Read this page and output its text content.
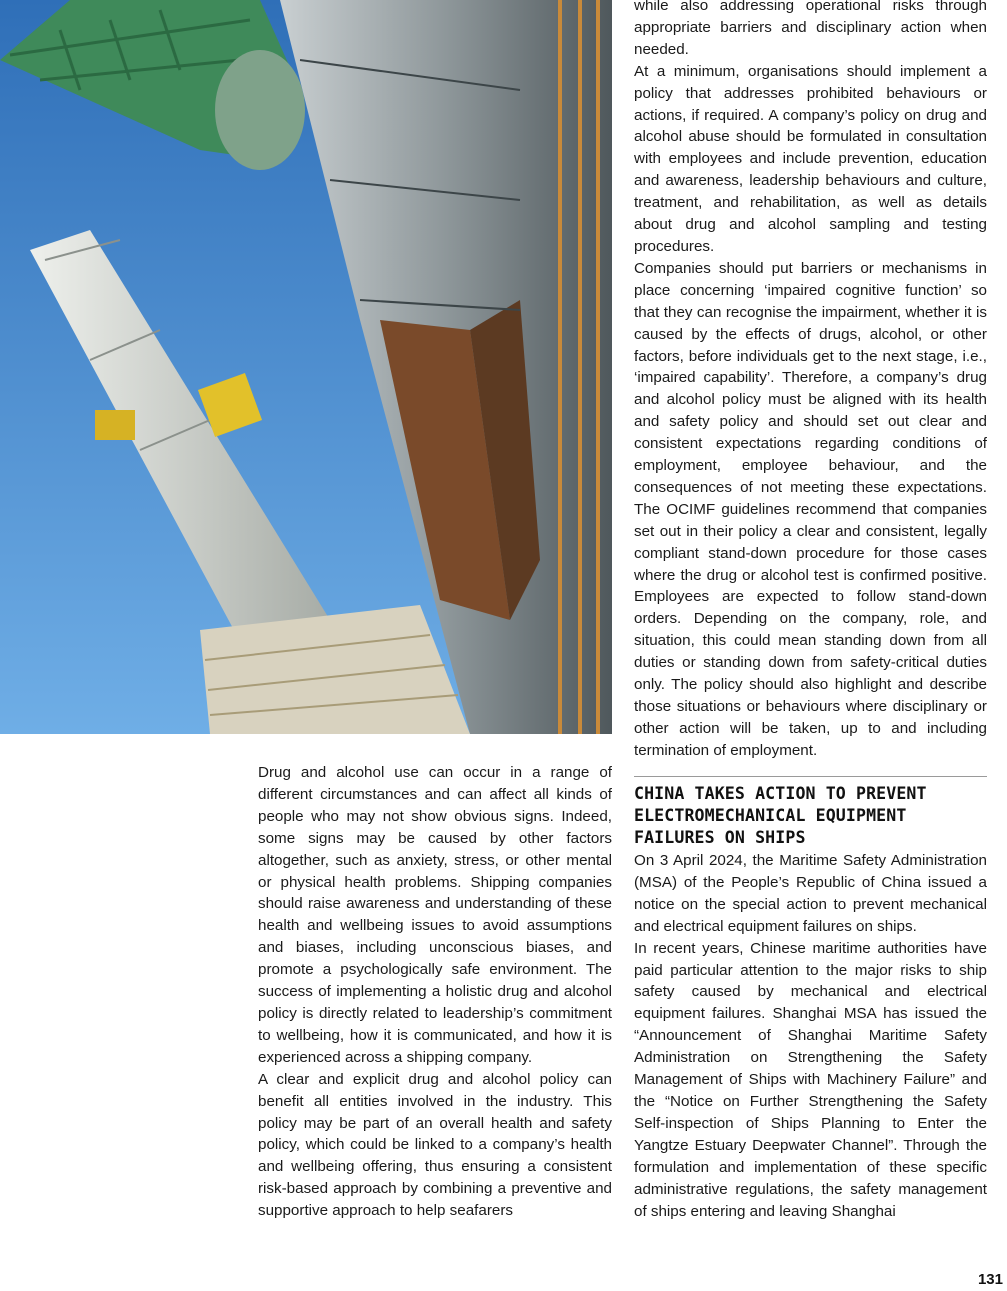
Drug and alcohol use can occur in a range of different circumstances and can affect all kinds of people who may not show obvious signs. Indeed, some signs may be caused by other factors altogether, such as anxiety, stress, or other mental or physical health problems. Shipping companies should raise awareness and understanding of these health and wellbeing issues to avoid assumptions and biases, including unconscious biases, and promote a psychologically safe environment. The success of implementing a holistic drug and alcohol policy is directly related to leadership’s commitment to wellbeing, how it is communicated, and how it is experienced across a shipping company.

A clear and explicit drug and alcohol policy can benefit all entities involved in the industry. This policy may be part of an overall health and safety policy, which could be linked to a company’s health and wellbeing offering, thus ensuring a consistent risk-based approach by combining a preventive and supportive approach to help seafarers

while also addressing operational risks through appropriate barriers and disciplinary action when needed.

At a minimum, organisations should implement a policy that addresses prohibited behaviours or actions, if required. A company’s policy on drug and alcohol abuse should be formulated in consultation with employees and include prevention, education and awareness, leadership behaviours and culture, treatment, and rehabilitation, as well as details about drug and alcohol sampling and testing procedures.

Companies should put barriers or mechanisms in place concerning ‘impaired cognitive function’ so that they can recognise the impairment, whether it is caused by the effects of drugs, alcohol, or other factors, before individuals get to the next stage, i.e., ‘impaired capability’. Therefore, a company’s drug and alcohol policy must be aligned with its health and safety policy and should set out clear and consistent expectations regarding conditions of employment, employee behaviour, and the consequences of not meeting these expectations. The OCIMF guidelines recommend that companies set out in their policy a clear and consistent, legally compliant stand-down procedure for those cases where the drug or alcohol test is confirmed positive. Employees are expected to follow stand-down orders. Depending on the company, role, and situation, this could mean standing down from all duties or standing down from safety-critical duties only. The policy should also highlight and describe those situations or behaviours where disciplinary or other action will be taken, up to and including termination of employment.

CHINA TAKES ACTION TO PREVENT ELECTROMECHANICAL EQUIPMENT FAILURES ON SHIPS

On 3 April 2024, the Maritime Safety Administration (MSA) of the People’s Republic of China issued a notice on the special action to prevent mechanical and electrical equipment failures on ships.

In recent years, Chinese maritime authorities have paid particular attention to the major risks to ship safety caused by mechanical and electrical equipment failures. Shanghai MSA has issued the “Announcement of Shanghai Maritime Safety Administration on Strengthening the Safety Management of Ships with Machinery Failure” and the “Notice on Further Strengthening the Safety Self-inspection of Ships Planning to Enter the Yangtze Estuary Deepwater Channel”. Through the formulation and implementation of these specific administrative regulations, the safety management of ships entering and leaving Shanghai

131
